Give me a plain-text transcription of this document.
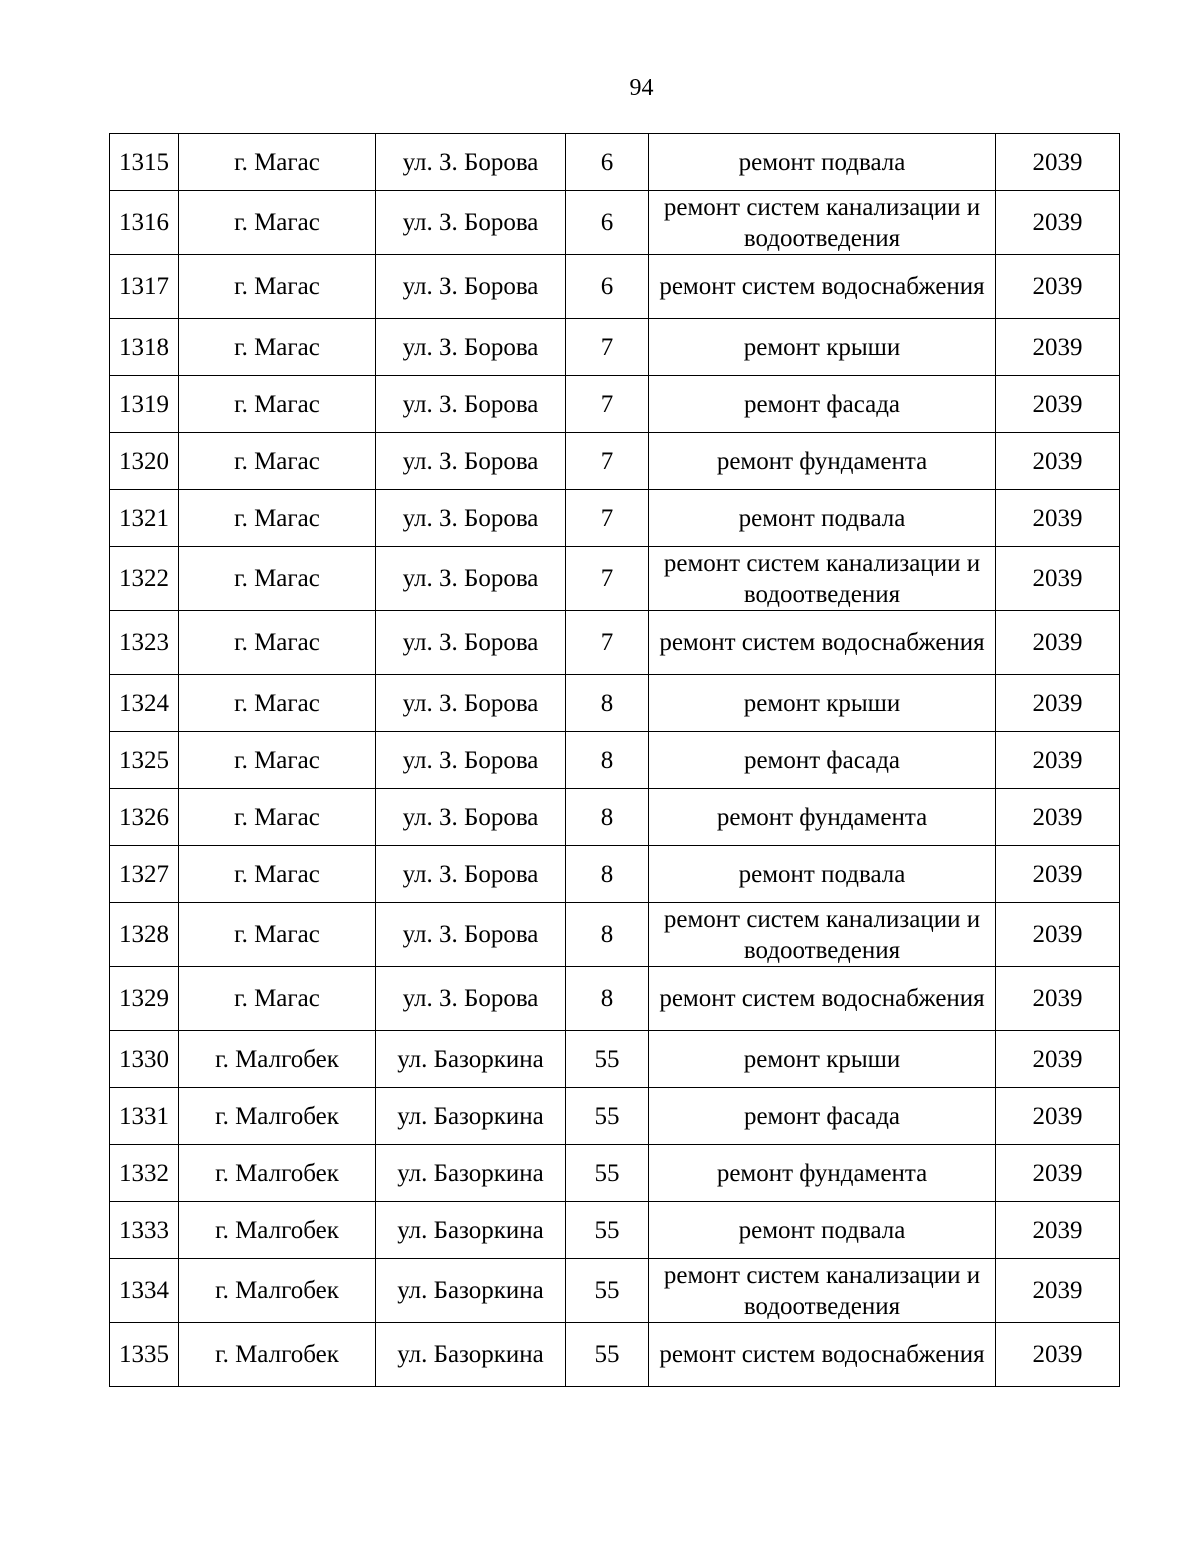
94
1315	г. Магас	ул. З. Борова	6	ремонт подвала	2039
1316	г. Магас	ул. З. Борова	6	ремонт систем канализации и водоотведения	2039
1317	г. Магас	ул. З. Борова	6	ремонт систем водоснабжения	2039
1318	г. Магас	ул. З. Борова	7	ремонт крыши	2039
1319	г. Магас	ул. З. Борова	7	ремонт фасада	2039
1320	г. Магас	ул. З. Борова	7	ремонт фундамента	2039
1321	г. Магас	ул. З. Борова	7	ремонт подвала	2039
1322	г. Магас	ул. З. Борова	7	ремонт систем канализации и водоотведения	2039
1323	г. Магас	ул. З. Борова	7	ремонт систем водоснабжения	2039
1324	г. Магас	ул. З. Борова	8	ремонт крыши	2039
1325	г. Магас	ул. З. Борова	8	ремонт фасада	2039
1326	г. Магас	ул. З. Борова	8	ремонт фундамента	2039
1327	г. Магас	ул. З. Борова	8	ремонт подвала	2039
1328	г. Магас	ул. З. Борова	8	ремонт систем канализации и водоотведения	2039
1329	г. Магас	ул. З. Борова	8	ремонт систем водоснабжения	2039
1330	г. Малгобек	ул. Базоркина	55	ремонт крыши	2039
1331	г. Малгобек	ул. Базоркина	55	ремонт фасада	2039
1332	г. Малгобек	ул. Базоркина	55	ремонт фундамента	2039
1333	г. Малгобек	ул. Базоркина	55	ремонт подвала	2039
1334	г. Малгобек	ул. Базоркина	55	ремонт систем канализации и водоотведения	2039
1335	г. Малгобек	ул. Базоркина	55	ремонт систем водоснабжения	2039
